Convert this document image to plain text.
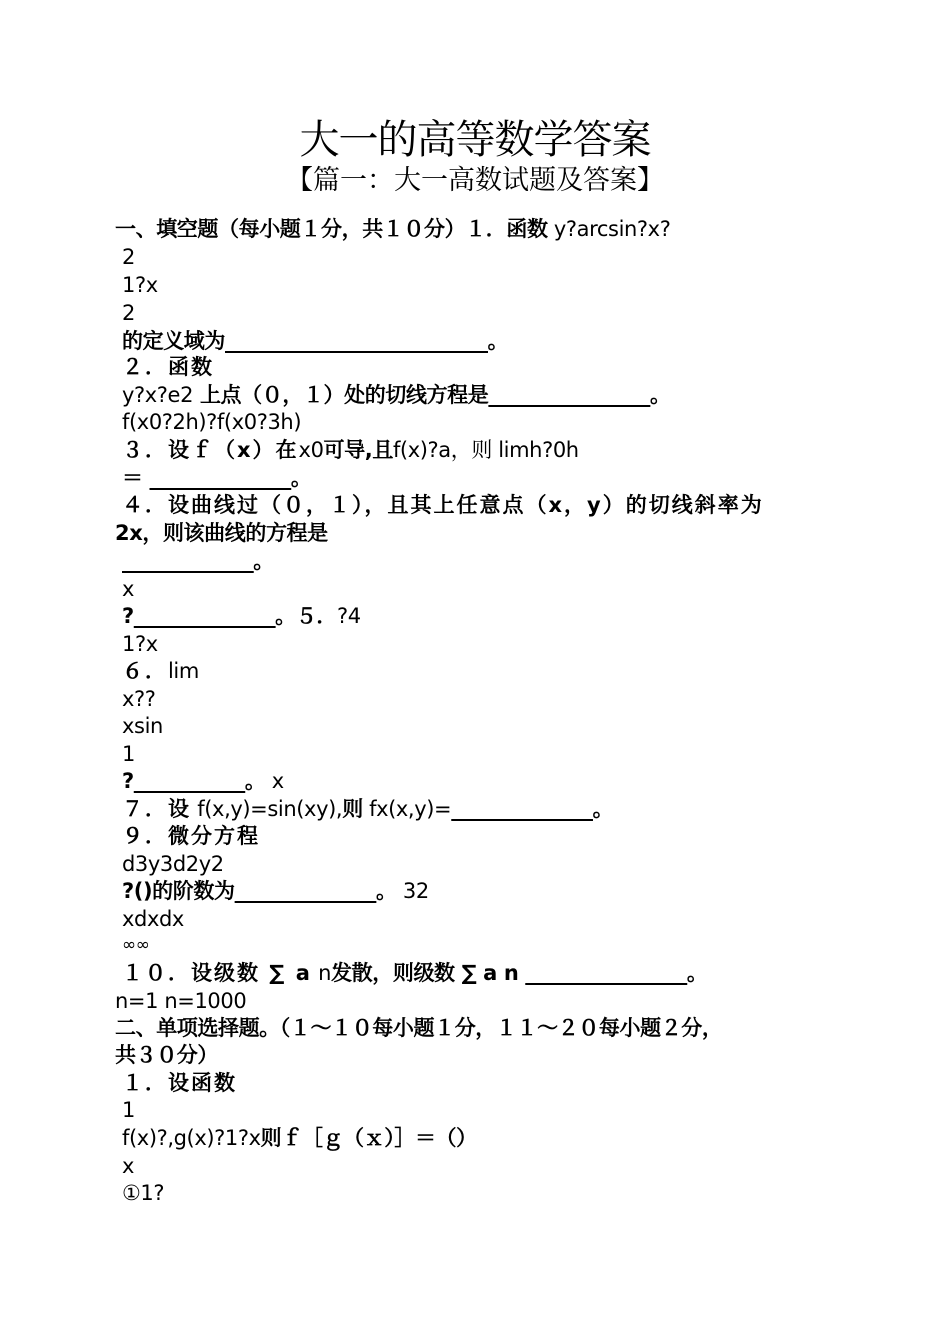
大一的高等数学答案
【篇一：大一高数试题及答案】
一、填空题（每小题１分，共１０分）１．函数 y?arcsin?x?
2
1?x
2
的定义域为__________________________。
２．函数
y?x?e2 上点（０，１）处的切线方程是________________。
f(x0?2h)?f(x0?3h)
３．设ｆ（x）在x0可导,且f(x)?a，则 limh?0h
＝ ______________。
４．设曲线过（０，１），且其上任意点（x，y）的切线斜率为
2x，则该曲线的方程是
_____________。
x
?______________。５．?4
1?x
６．lim
x??
xsin
1
?___________。 x
７．设 f(x,y)=sin(xy),则 fx(x,y)=______________。
９．微分方程
d3y3d2y2
?()的阶数为______________。 32
xdxdx
∞∞
１０．设级数 ∑ a n发散，则级数 ∑ a n ________________。
n=1 n=1000
二、单项选择题。（１～１０每小题１分，１１～２０每小题２分，
共３０分）
１．设函数
1
f(x)?,g(x)?1?x则ｆ［ｇ（ｘ）］＝（）
x
①1?
